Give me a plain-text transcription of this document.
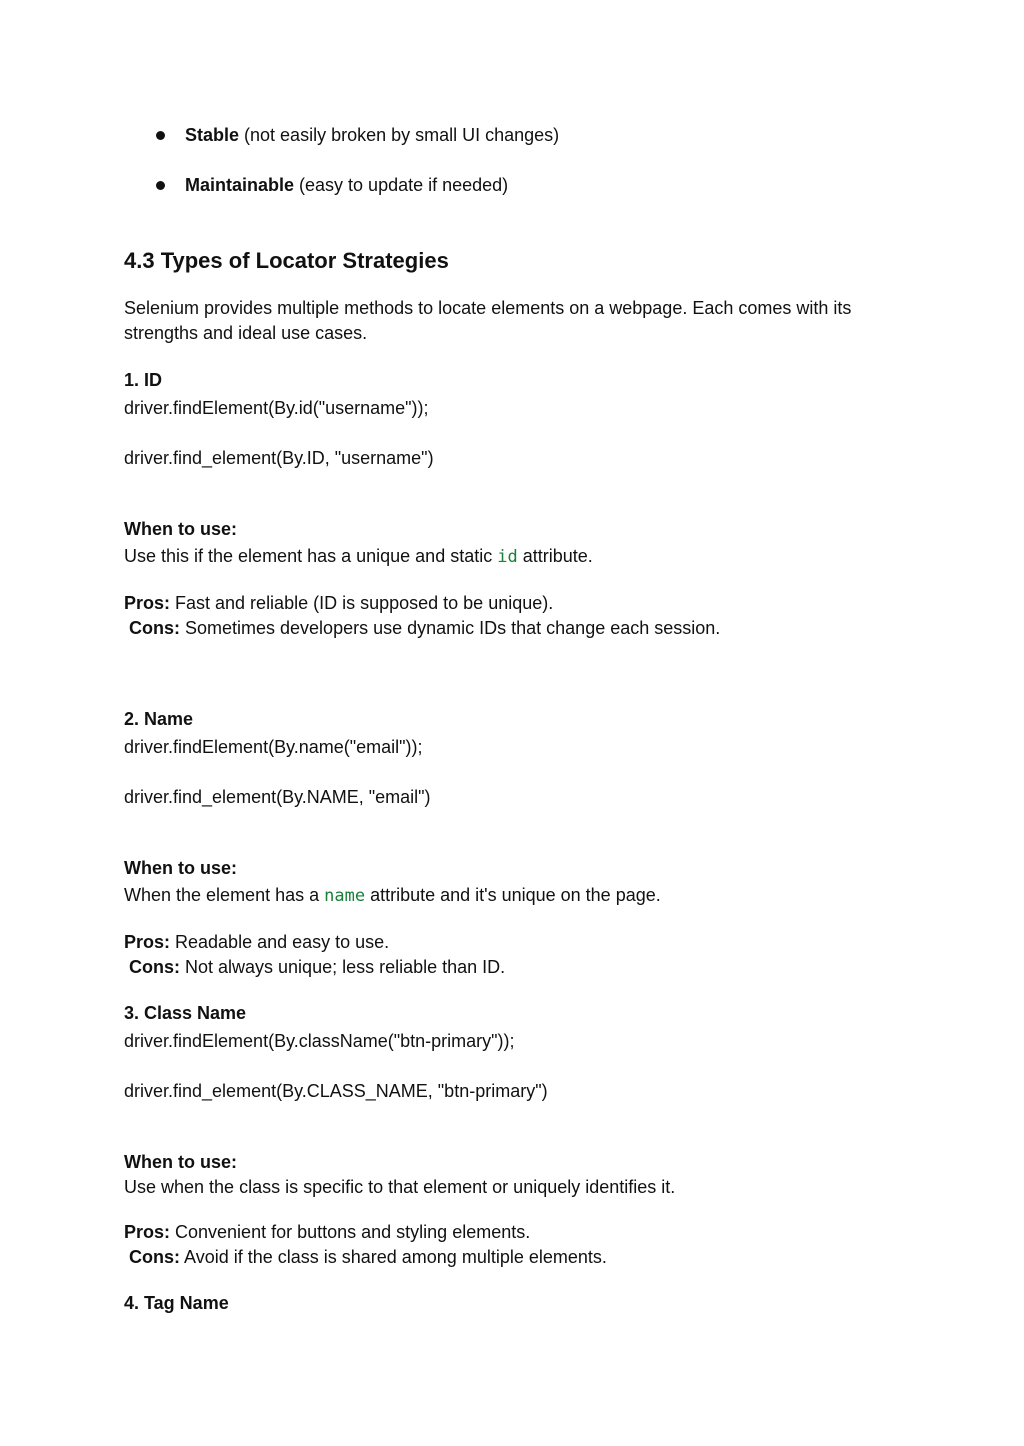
Stable (not easily broken by small UI changes)
Maintainable (easy to update if needed)
4.3 Types of Locator Strategies
Selenium provides multiple methods to locate elements on a webpage. Each comes with its
strengths and ideal use cases.
1. ID
driver.findElement(By.id("username"));
driver.find_element(By.ID, "username")
When to use:
Use this if the element has a unique and static id attribute.
Pros: Fast and reliable (ID is supposed to be unique).
Cons: Sometimes developers use dynamic IDs that change each session.
2. Name
driver.findElement(By.name("email"));
driver.find_element(By.NAME, "email")
When to use:
When the element has a name attribute and it's unique on the page.
Pros: Readable and easy to use.
Cons: Not always unique; less reliable than ID.
3. Class Name
driver.findElement(By.className("btn-primary"));
driver.find_element(By.CLASS_NAME, "btn-primary")
When to use:
Use when the class is specific to that element or uniquely identifies it.
Pros: Convenient for buttons and styling elements.
Cons: Avoid if the class is shared among multiple elements.
4. Tag Name
